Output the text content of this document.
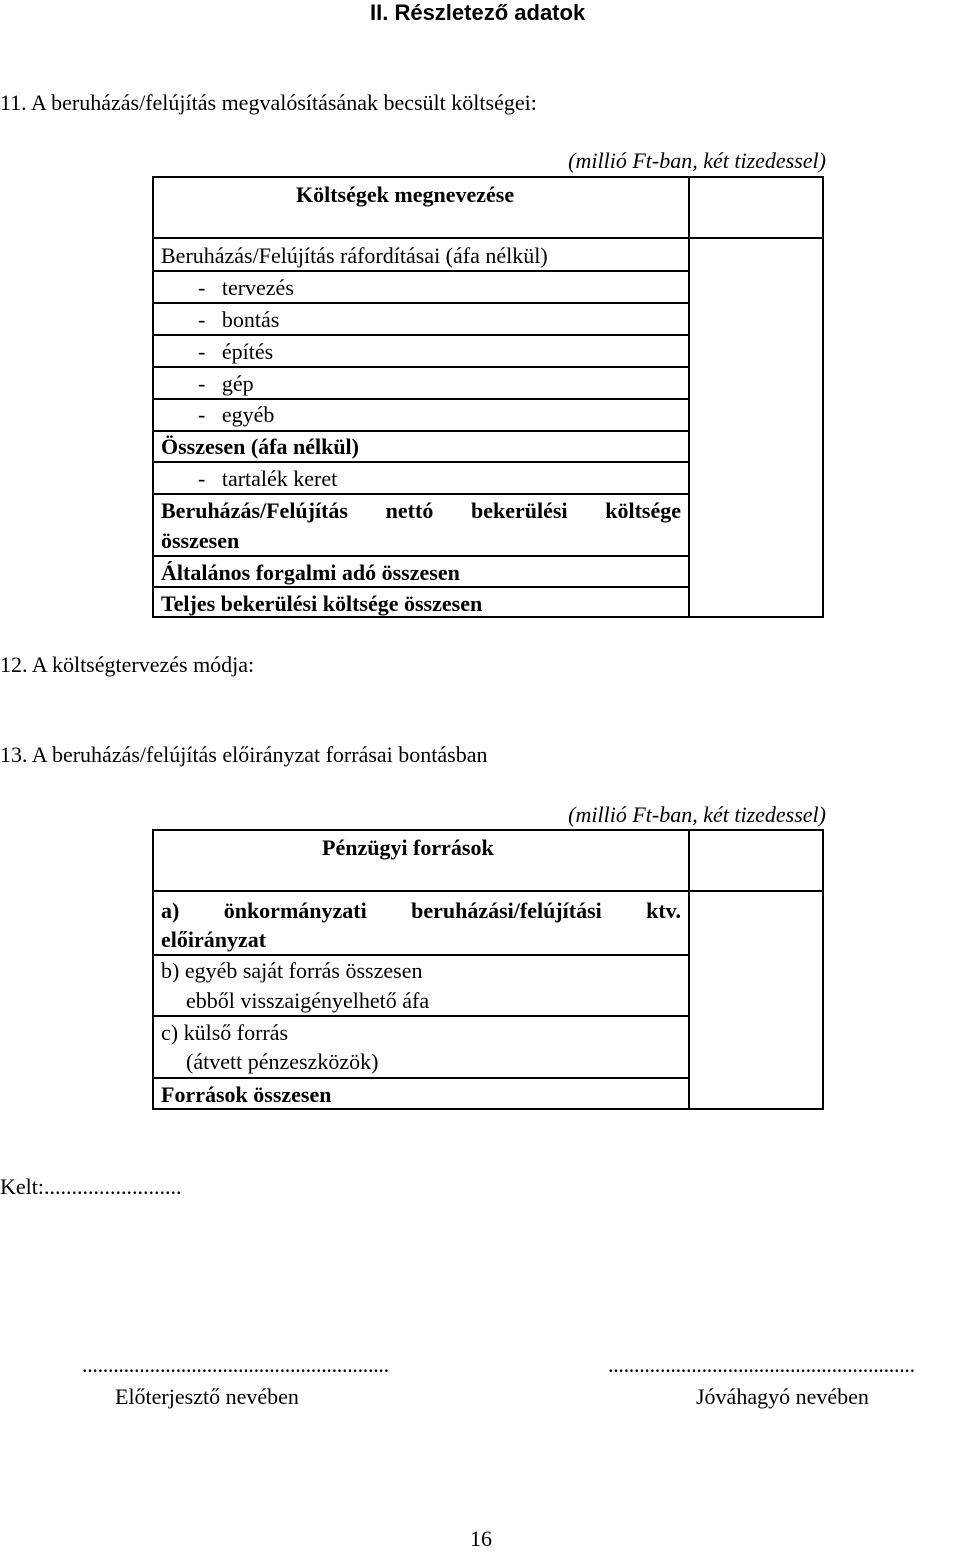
II. Részletező adatok
11. A beruházás/felújítás megvalósításának becsült költségei:
(millió Ft-ban, két tizedessel)
Költségek megnevezése
Beruházás/Felújítás ráfordításai (áfa nélkül)
-   tervezés
-   bontás
-   építés
-   gép
-   egyéb
Összesen (áfa nélkül)
-   tartalék keret
Beruházás/Felújítás nettó bekerülési költsége
összesen
Általános forgalmi adó összesen
Teljes bekerülési költsége összesen
12. A költségtervezés módja:
13. A beruházás/felújítás előirányzat forrásai bontásban
(millió Ft-ban, két tizedessel)
Pénzügyi források
a) önkormányzati beruházási/felújítási ktv.
előirányzat
b) egyéb saját forrás összesen
ebből visszaigényelhető áfa
c) külső forrás
(átvett pénzeszközök)
Források összesen
Kelt:.........................
...........................................................	...........................................................
Előterjesztő nevében	Jóváhagyó nevében
16
